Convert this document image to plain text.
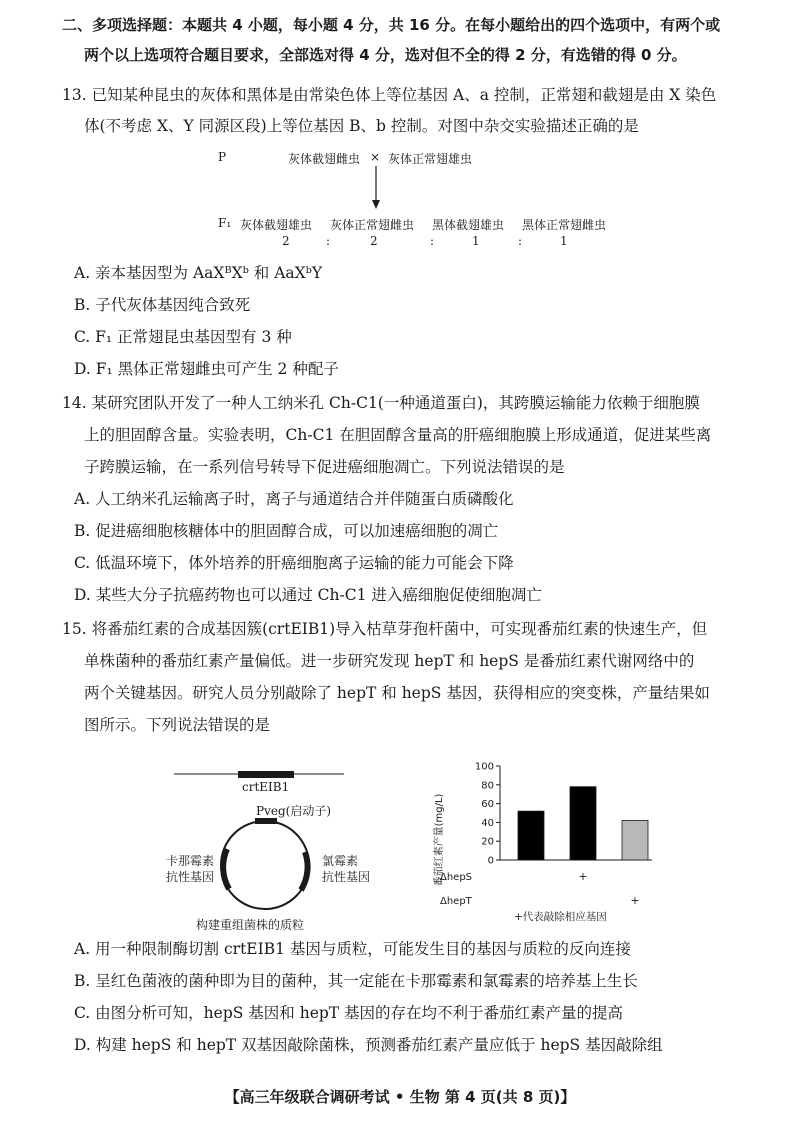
二、多项选择题：本题共 4 小题，每小题 4 分，共 16 分。在每小题给出的四个选项中，有两个或
两个以上选项符合题目要求，全部选对得 4 分，选对但不全的得 2 分，有选错的得 0 分。
13. 已知某种昆虫的灰体和黑体是由常染色体上等位基因 A、a 控制，正常翅和截翅是由 X 染色
体(不考虑 X、Y 同源区段)上等位基因 B、b 控制。对图中杂交实验描述正确的是
P	灰体截翅雌虫 × 灰体正常翅雄虫
F₁ 灰体截翅雄虫 灰体正常翅雌虫 黑体截翅雄虫 黑体正常翅雌虫
2	:	2	:	1	:	1
A. 亲本基因型为 AaXᴮXᵇ 和 AaXᵇY
B. 子代灰体基因纯合致死
C. F₁ 正常翅昆虫基因型有 3 种
D. F₁ 黑体正常翅雌虫可产生 2 种配子
14. 某研究团队开发了一种人工纳米孔 Ch-C1(一种通道蛋白)，其跨膜运输能力依赖于细胞膜
上的胆固醇含量。实验表明，Ch-C1 在胆固醇含量高的肝癌细胞膜上形成通道，促进某些离
子跨膜运输，在一系列信号转导下促进癌细胞凋亡。下列说法错误的是
A. 人工纳米孔运输离子时，离子与通道结合并伴随蛋白质磷酸化
B. 促进癌细胞核糖体中的胆固醇合成，可以加速癌细胞的凋亡
C. 低温环境下，体外培养的肝癌细胞离子运输的能力可能会下降
D. 某些大分子抗癌药物也可以通过 Ch-C1 进入癌细胞促使细胞凋亡
15. 将番茄红素的合成基因簇(crtEIB1)导入枯草芽孢杆菌中，可实现番茄红素的快速生产，但
单株菌种的番茄红素产量偏低。进一步研究发现 hepT 和 hepS 是番茄红素代谢网络中的
两个关键基因。研究人员分别敲除了 hepT 和 hepS 基因，获得相应的突变株，产量结果如
图所示。下列说法错误的是
crtEIB1
Pveg(启动子)
卡那霉素
抗性基因
氯霉素
抗性基因
构建重组菌株的质粒
番茄红素产量(mg/L)	0
20
40
60
80
100
ΔhepS
ΔhepT
+
+
+代表敲除相应基因
A. 用一种限制酶切割 crtEIB1 基因与质粒，可能发生目的基因与质粒的反向连接
B. 呈红色菌液的菌种即为目的菌种，其一定能在卡那霉素和氯霉素的培养基上生长
C. 由图分析可知，hepS 基因和 hepT 基因的存在均不利于番茄红素产量的提高
D. 构建 hepS 和 hepT 双基因敲除菌株，预测番茄红素产量应低于 hepS 基因敲除组
【高三年级联合调研考试 • 生物 第 4 页(共 8 页)】
